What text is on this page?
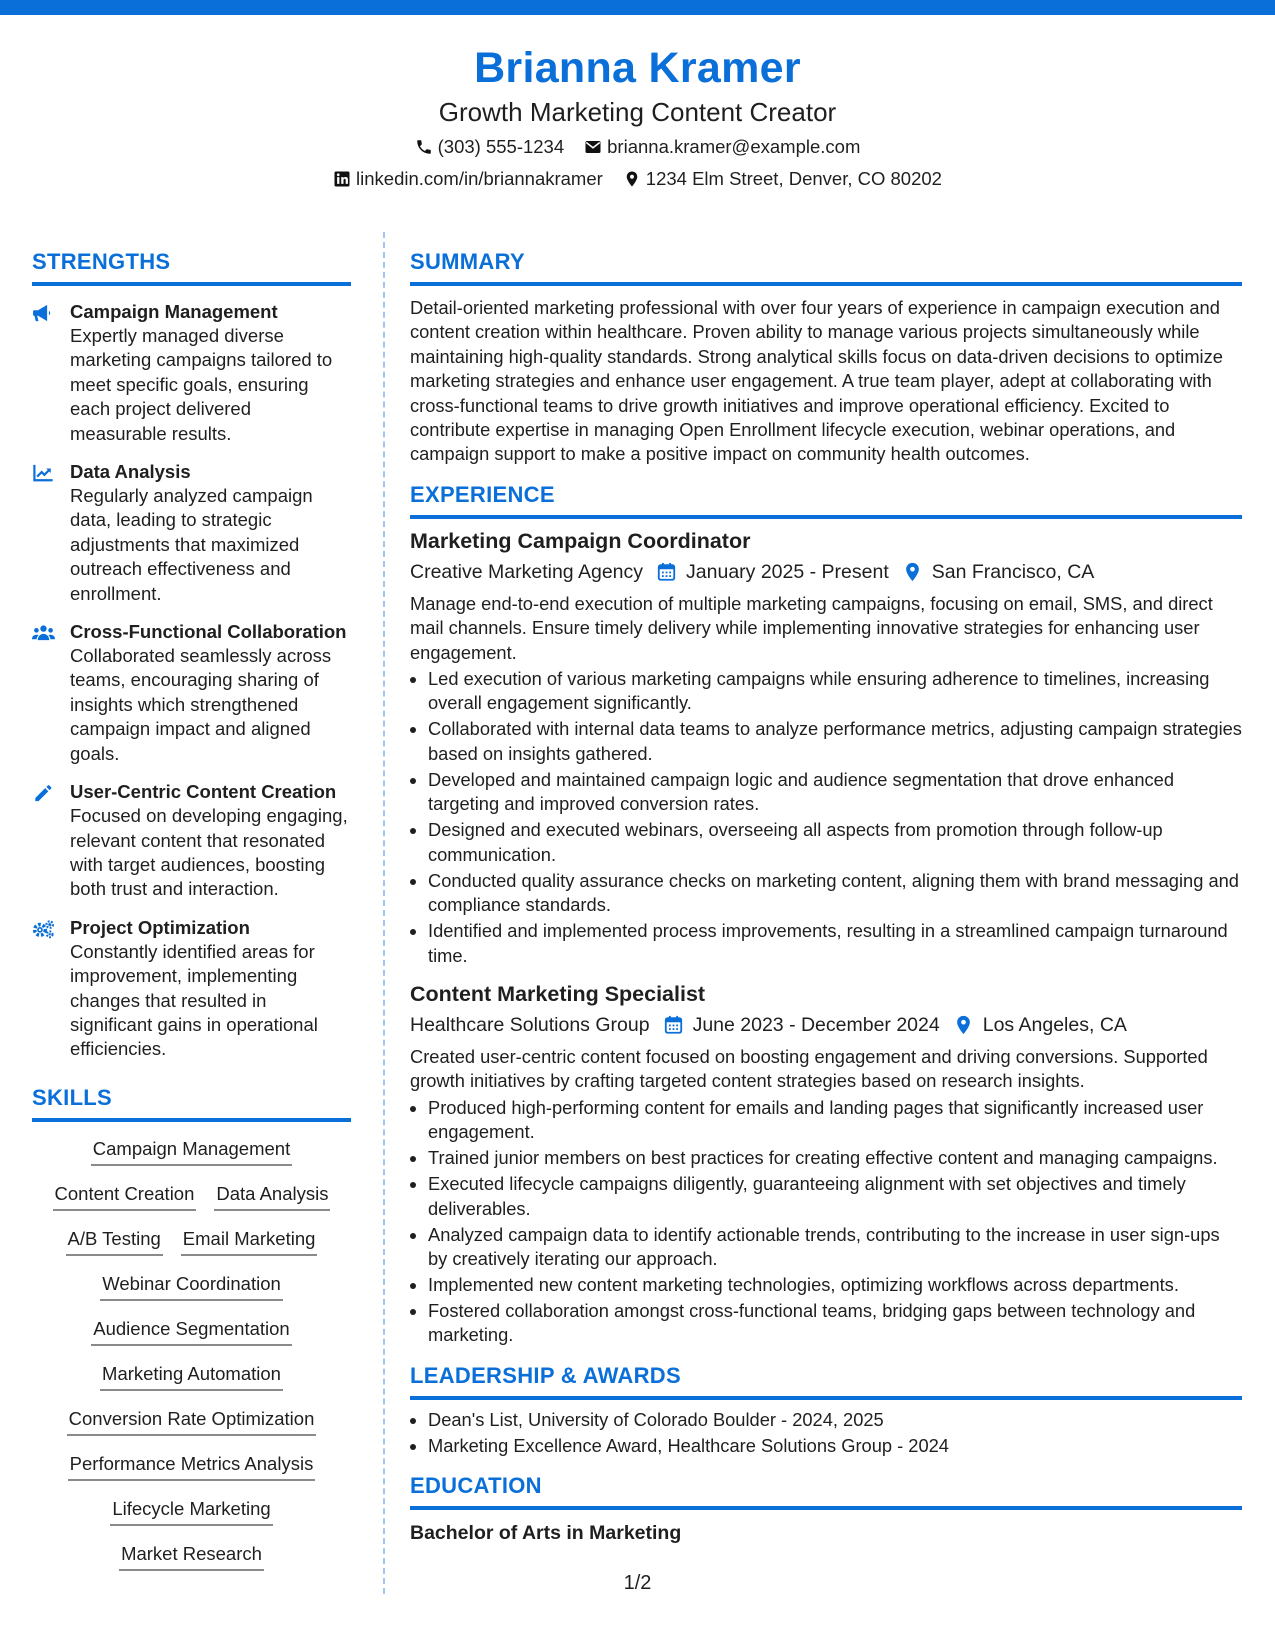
Brianna Kramer
Growth Marketing Content Creator
(303) 555-1234 brianna.kramer@example.com
linkedin.com/in/briannakramer 1234 Elm Street, Denver, CO 80202
STRENGTHS
Campaign Management
Expertly managed diverse marketing campaigns tailored to meet specific goals, ensuring each project delivered measurable results.
Data Analysis
Regularly analyzed campaign data, leading to strategic adjustments that maximized outreach effectiveness and enrollment.
Cross-Functional Collaboration
Collaborated seamlessly across teams, encouraging sharing of insights which strengthened campaign impact and aligned goals.
User-Centric Content Creation
Focused on developing engaging, relevant content that resonated with target audiences, boosting both trust and interaction.
Project Optimization
Constantly identified areas for improvement, implementing changes that resulted in significant gains in operational efficiencies.
SKILLS
Campaign Management
Content Creation Data Analysis
A/B Testing Email Marketing
Webinar Coordination
Audience Segmentation
Marketing Automation
Conversion Rate Optimization
Performance Metrics Analysis
Lifecycle Marketing
Market Research
SUMMARY
Detail-oriented marketing professional with over four years of experience in campaign execution and content creation within healthcare. Proven ability to manage various projects simultaneously while maintaining high-quality standards. Strong analytical skills focus on data-driven decisions to optimize marketing strategies and enhance user engagement. A true team player, adept at collaborating with cross-functional teams to drive growth initiatives and improve operational efficiency. Excited to contribute expertise in managing Open Enrollment lifecycle execution, webinar operations, and campaign support to make a positive impact on community health outcomes.
EXPERIENCE
Marketing Campaign Coordinator
Creative Marketing Agency January 2025 - Present San Francisco, CA
Manage end-to-end execution of multiple marketing campaigns, focusing on email, SMS, and direct mail channels. Ensure timely delivery while implementing innovative strategies for enhancing user engagement.
• Led execution of various marketing campaigns while ensuring adherence to timelines, increasing overall engagement significantly.
• Collaborated with internal data teams to analyze performance metrics, adjusting campaign strategies based on insights gathered.
• Developed and maintained campaign logic and audience segmentation that drove enhanced targeting and improved conversion rates.
• Designed and executed webinars, overseeing all aspects from promotion through follow-up communication.
• Conducted quality assurance checks on marketing content, aligning them with brand messaging and compliance standards.
• Identified and implemented process improvements, resulting in a streamlined campaign turnaround time.
Content Marketing Specialist
Healthcare Solutions Group June 2023 - December 2024 Los Angeles, CA
Created user-centric content focused on boosting engagement and driving conversions. Supported growth initiatives by crafting targeted content strategies based on research insights.
• Produced high-performing content for emails and landing pages that significantly increased user engagement.
• Trained junior members on best practices for creating effective content and managing campaigns.
• Executed lifecycle campaigns diligently, guaranteeing alignment with set objectives and timely deliverables.
• Analyzed campaign data to identify actionable trends, contributing to the increase in user sign-ups by creatively iterating our approach.
• Implemented new content marketing technologies, optimizing workflows across departments.
• Fostered collaboration amongst cross-functional teams, bridging gaps between technology and marketing.
LEADERSHIP & AWARDS
• Dean's List, University of Colorado Boulder - 2024, 2025
• Marketing Excellence Award, Healthcare Solutions Group - 2024
EDUCATION
Bachelor of Arts in Marketing
1/2
